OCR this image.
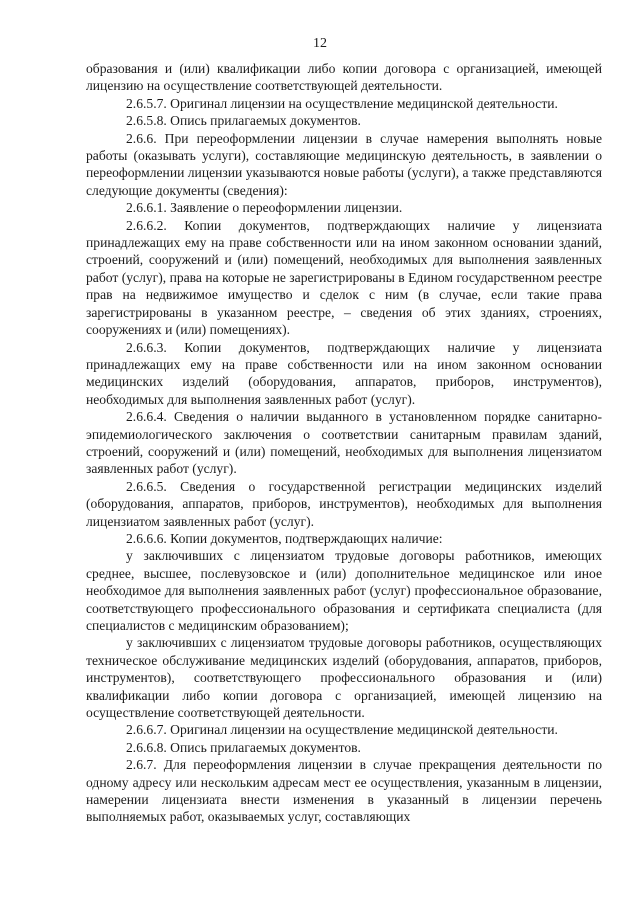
12

образования и (или) квалификации либо копии договора с организацией, имеющей лицензию на осуществление соответствующей деятельности.

2.6.5.7. Оригинал лицензии на осуществление медицинской деятельности.

2.6.5.8. Опись прилагаемых документов.

2.6.6. При переоформлении лицензии в случае намерения выполнять новые работы (оказывать услуги), составляющие медицинскую деятельность, в заявлении о переоформлении лицензии указываются новые работы (услуги), а также представляются следующие документы (сведения):

2.6.6.1. Заявление о переоформлении лицензии.

2.6.6.2. Копии документов, подтверждающих наличие у лицензиата принадлежащих ему на праве собственности или на ином законном основании зданий, строений, сооружений и (или) помещений, необходимых для выполнения заявленных работ (услуг), права на которые не зарегистрированы в Едином государственном реестре прав на недвижимое имущество и сделок с ним (в случае, если такие права зарегистрированы в указанном реестре, – сведения об этих зданиях, строениях, сооружениях и (или) помещениях).

2.6.6.3. Копии документов, подтверждающих наличие у лицензиата принадлежащих ему на праве собственности или на ином законном основании медицинских изделий (оборудования, аппаратов, приборов, инструментов), необходимых для выполнения заявленных работ (услуг).

2.6.6.4. Сведения о наличии выданного в установленном порядке санитарно-эпидемиологического заключения о соответствии санитарным правилам зданий, строений, сооружений и (или) помещений, необходимых для выполнения лицензиатом заявленных работ (услуг).

2.6.6.5. Сведения о государственной регистрации медицинских изделий (оборудования, аппаратов, приборов, инструментов), необходимых для выполнения лицензиатом заявленных работ (услуг).

2.6.6.6. Копии документов, подтверждающих наличие:

у заключивших с лицензиатом трудовые договоры работников, имеющих среднее, высшее, послевузовское и (или) дополнительное медицинское или иное необходимое для выполнения заявленных работ (услуг) профессиональное образование, соответствующего профессионального образования и сертификата специалиста (для специалистов с медицинским образованием);

у заключивших с лицензиатом трудовые договоры работников, осуществляющих техническое обслуживание медицинских изделий (оборудования, аппаратов, приборов, инструментов), соответствующего профессионального образования и (или) квалификации либо копии договора с организацией, имеющей лицензию на осуществление соответствующей деятельности.

2.6.6.7. Оригинал лицензии на осуществление медицинской деятельности.

2.6.6.8. Опись прилагаемых документов.

2.6.7. Для переоформления лицензии в случае прекращения деятельности по одному адресу или нескольким адресам мест ее осуществления, указанным в лицензии, намерении лицензиата внести изменения в указанный в лицензии перечень выполняемых работ, оказываемых услуг, составляющих
